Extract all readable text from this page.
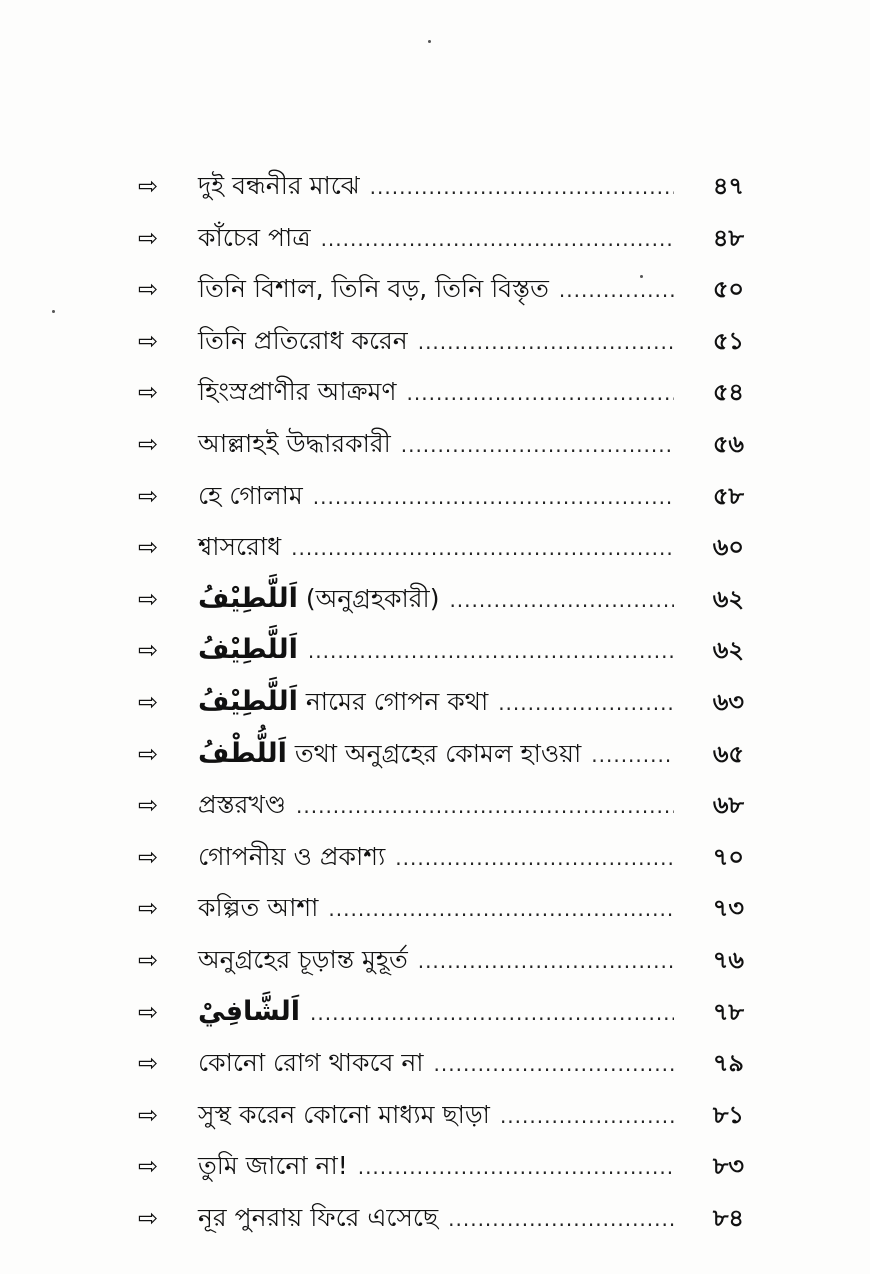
⇨	দুই বন্ধনীর মাঝে .....	৪৭
⇨	কাঁচের পাত্র .....	৪৮
⇨	তিনি বিশাল, তিনি বড়, তিনি বিস্তৃত .....	৫০
⇨	তিনি প্রতিরোধ করেন .....	৫১
⇨	হিংস্রপ্রাণীর আক্রমণ .....	৫৪
⇨	আল্লাহই উদ্ধারকারী .....	৫৬
⇨	হে গোলাম .....	৫৮
⇨	শ্বাসরোধ .....	৬০
⇨	اَللَّطِيْفُ (অনুগ্রহকারী) .....	৬২
⇨	اَللَّطِيْفُ .....	৬২
⇨	اَللَّطِيْفُ নামের গোপন কথা .....	৬৩
⇨	اَللُّطْفُ তথা অনুগ্রহের কোমল হাওয়া .....	৬৫
⇨	প্রস্তরখণ্ড .....	৬৮
⇨	গোপনীয় ও প্রকাশ্য .....	৭০
⇨	কল্পিত আশা .....	৭৩
⇨	অনুগ্রহের চূড়ান্ত মুহূর্ত .....	৭৬
⇨	اَلشَّافِيْ .....	৭৮
⇨	কোনো রোগ থাকবে না .....	৭৯
⇨	সুস্থ করেন কোনো মাধ্যম ছাড়া .....	৮১
⇨	তুমি জানো না! .....	৮৩
⇨	নূর পুনরায় ফিরে এসেছে .....	৮৪
